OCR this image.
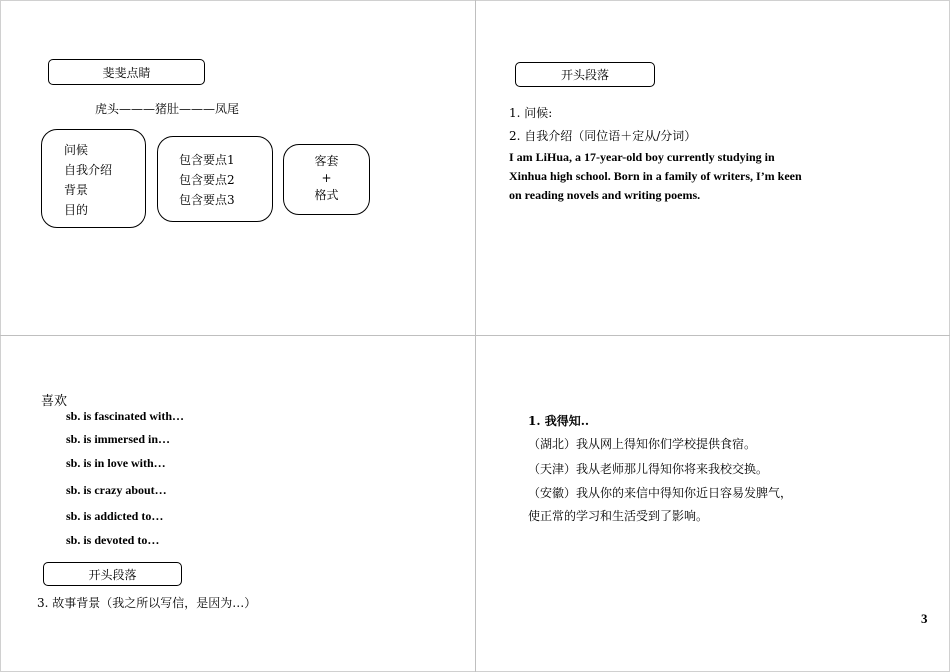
斐斐点睛
虎头———猪肚———凤尾
问候
自我介绍
背景
目的
包含要点1
包含要点2
包含要点3
客套
+
格式
开头段落
1. 问候:
2. 自我介绍（同位语＋定从/分词）
I am LiHua, a 17-year-old boy currently studying in
Xinhua high school. Born in a family of writers, I’m keen
on reading novels and writing poems.
喜欢
sb. is fascinated with…
sb. is immersed in…
sb. is in love with…
sb. is crazy about…
sb. is addicted to…
sb. is devoted to…
开头段落
3. 故事背景（我之所以写信，是因为…）
1. 我得知..
（湖北）我从网上得知你们学校提供食宿。
（天津）我从老师那儿得知你将来我校交换。
（安徽）我从你的来信中得知你近日容易发脾气，
使正常的学习和生活受到了影响。
3
